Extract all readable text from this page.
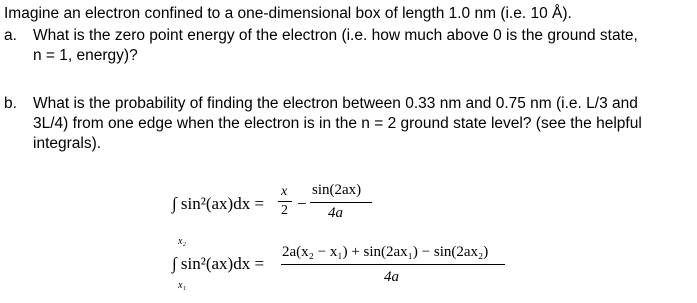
Imagine an electron confined to a one-dimensional box of length 1.0 nm (i.e. 10 Å).
a. What is the zero point energy of the electron (i.e. how much above 0 is the ground state,
n = 1, energy)?
b. What is the probability of finding the electron between 0.33 nm and 0.75 nm (i.e. L/3 and
3L/4) from one edge when the electron is in the n = 2 ground state level? (see the helpful
integrals).
∫ sin²(ax)dx =
x
2 −
sin(2ax)
4a
x₂
∫ sin²(ax)dx =
x₁
2a(x₂ − x₁) + sin(2ax₁) − sin(2ax₂)
4a
